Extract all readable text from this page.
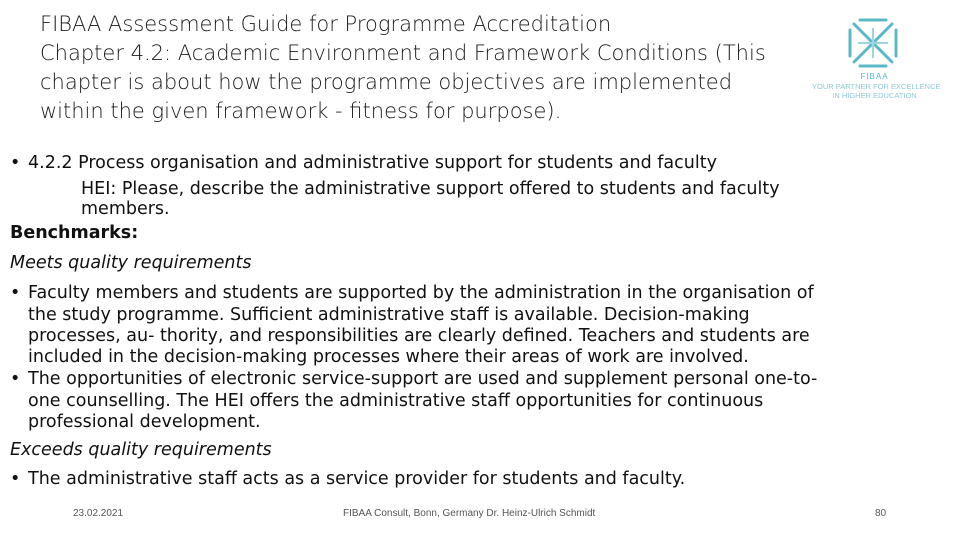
FIBAA Assessment Guide for Programme Accreditation
Chapter 4.2: Academic Environment and Framework Conditions (This
chapter is about how the programme objectives are implemented
within the given framework - fitness for purpose).
FIBAA
YOUR PARTNER FOR EXCELLENCE
IN HIGHER EDUCATION
• 4.2.2 Process organisation and administrative support for students and faculty
HEI: Please, describe the administrative support offered to students and faculty
members.
Benchmarks:
Meets quality requirements
• Faculty members and students are supported by the administration in the organisation of
the study programme. Sufficient administrative staff is available. Decision-making
processes, au- thority, and responsibilities are clearly defined. Teachers and students are
included in the decision-making processes where their areas of work are involved.
• The opportunities of electronic service-support are used and supplement personal one-to-
one counselling. The HEI offers the administrative staff opportunities for continuous
professional development.
Exceeds quality requirements
• The administrative staff acts as a service provider for students and faculty.
23.02.2021	FIBAA Consult, Bonn, Germany Dr. Heinz-Ulrich Schmidt	80
